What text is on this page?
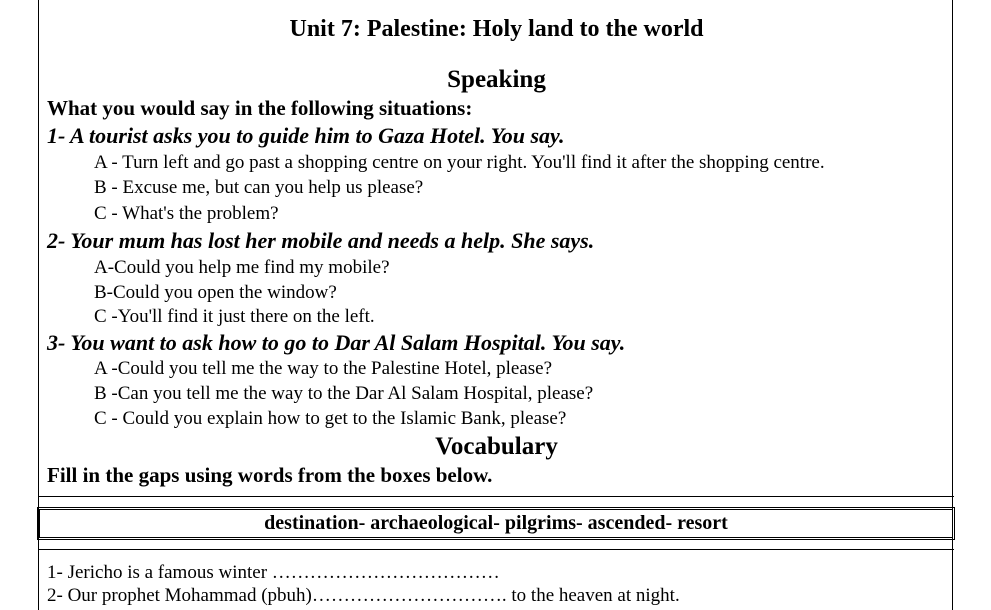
Unit 7: Palestine: Holy land to the world
Speaking
What you would say in the following situations:
1- A tourist asks you to guide him to Gaza Hotel. You say.
A - Turn left and go past a shopping centre on your right. You'll find it after the shopping centre.
B - Excuse me, but can you help us please?
C - What's the problem?
2- Your mum has lost her mobile and needs a help. She says.
A-Could you help me find my mobile?
B-Could you open the window?
C -You'll find it just there on the left.
3- You want to ask how to go to Dar Al Salam Hospital. You say.
A -Could you tell me the way to the Palestine Hotel, please?
B -Can you tell me the way to the Dar Al Salam Hospital, please?
C - Could you explain how to get to the Islamic Bank, please?
Vocabulary
Fill in the gaps using words from the boxes below.
destination- archaeological- pilgrims- ascended- resort
1- Jericho is a famous winter ………………………………
2- Our prophet Mohammad (pbuh)…………………………. to the heaven at night.
